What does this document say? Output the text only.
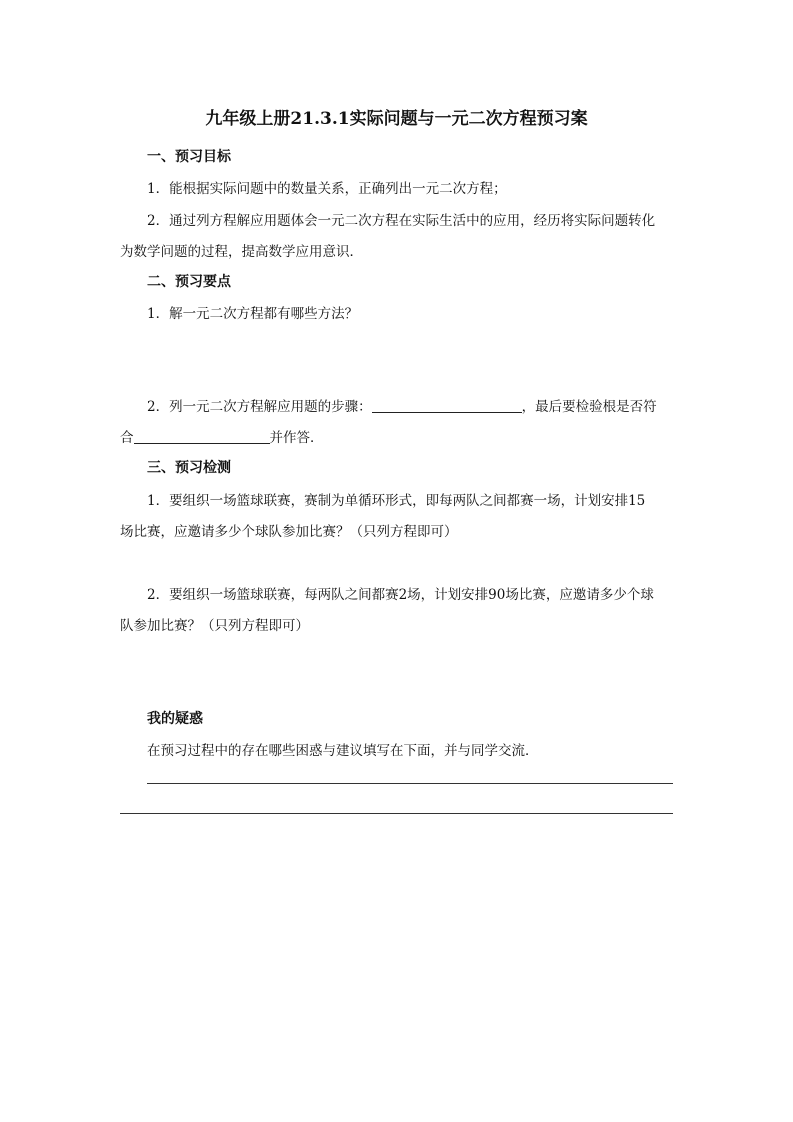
九年级上册21.3.1实际问题与一元二次方程预习案
一、预习目标
1．能根据实际问题中的数量关系，正确列出一元二次方程；
2．通过列方程解应用题体会一元二次方程在实际生活中的应用，经历将实际问题转化
为数学问题的过程，提高数学应用意识．
二、预习要点
1．解一元二次方程都有哪些方法？
2．列一元二次方程解应用题的步骤：	，最后要检验根是否符
合	并作答．
三、预习检测
1．要组织一场篮球联赛，赛制为单循环形式，即每两队之间都赛一场，计划安排15
场比赛，应邀请多少个球队参加比赛？（只列方程即可）
2．要组织一场篮球联赛，每两队之间都赛2场，计划安排90场比赛，应邀请多少个球
队参加比赛？（只列方程即可）
我的疑惑
在预习过程中的存在哪些困惑与建议填写在下面，并与同学交流．
